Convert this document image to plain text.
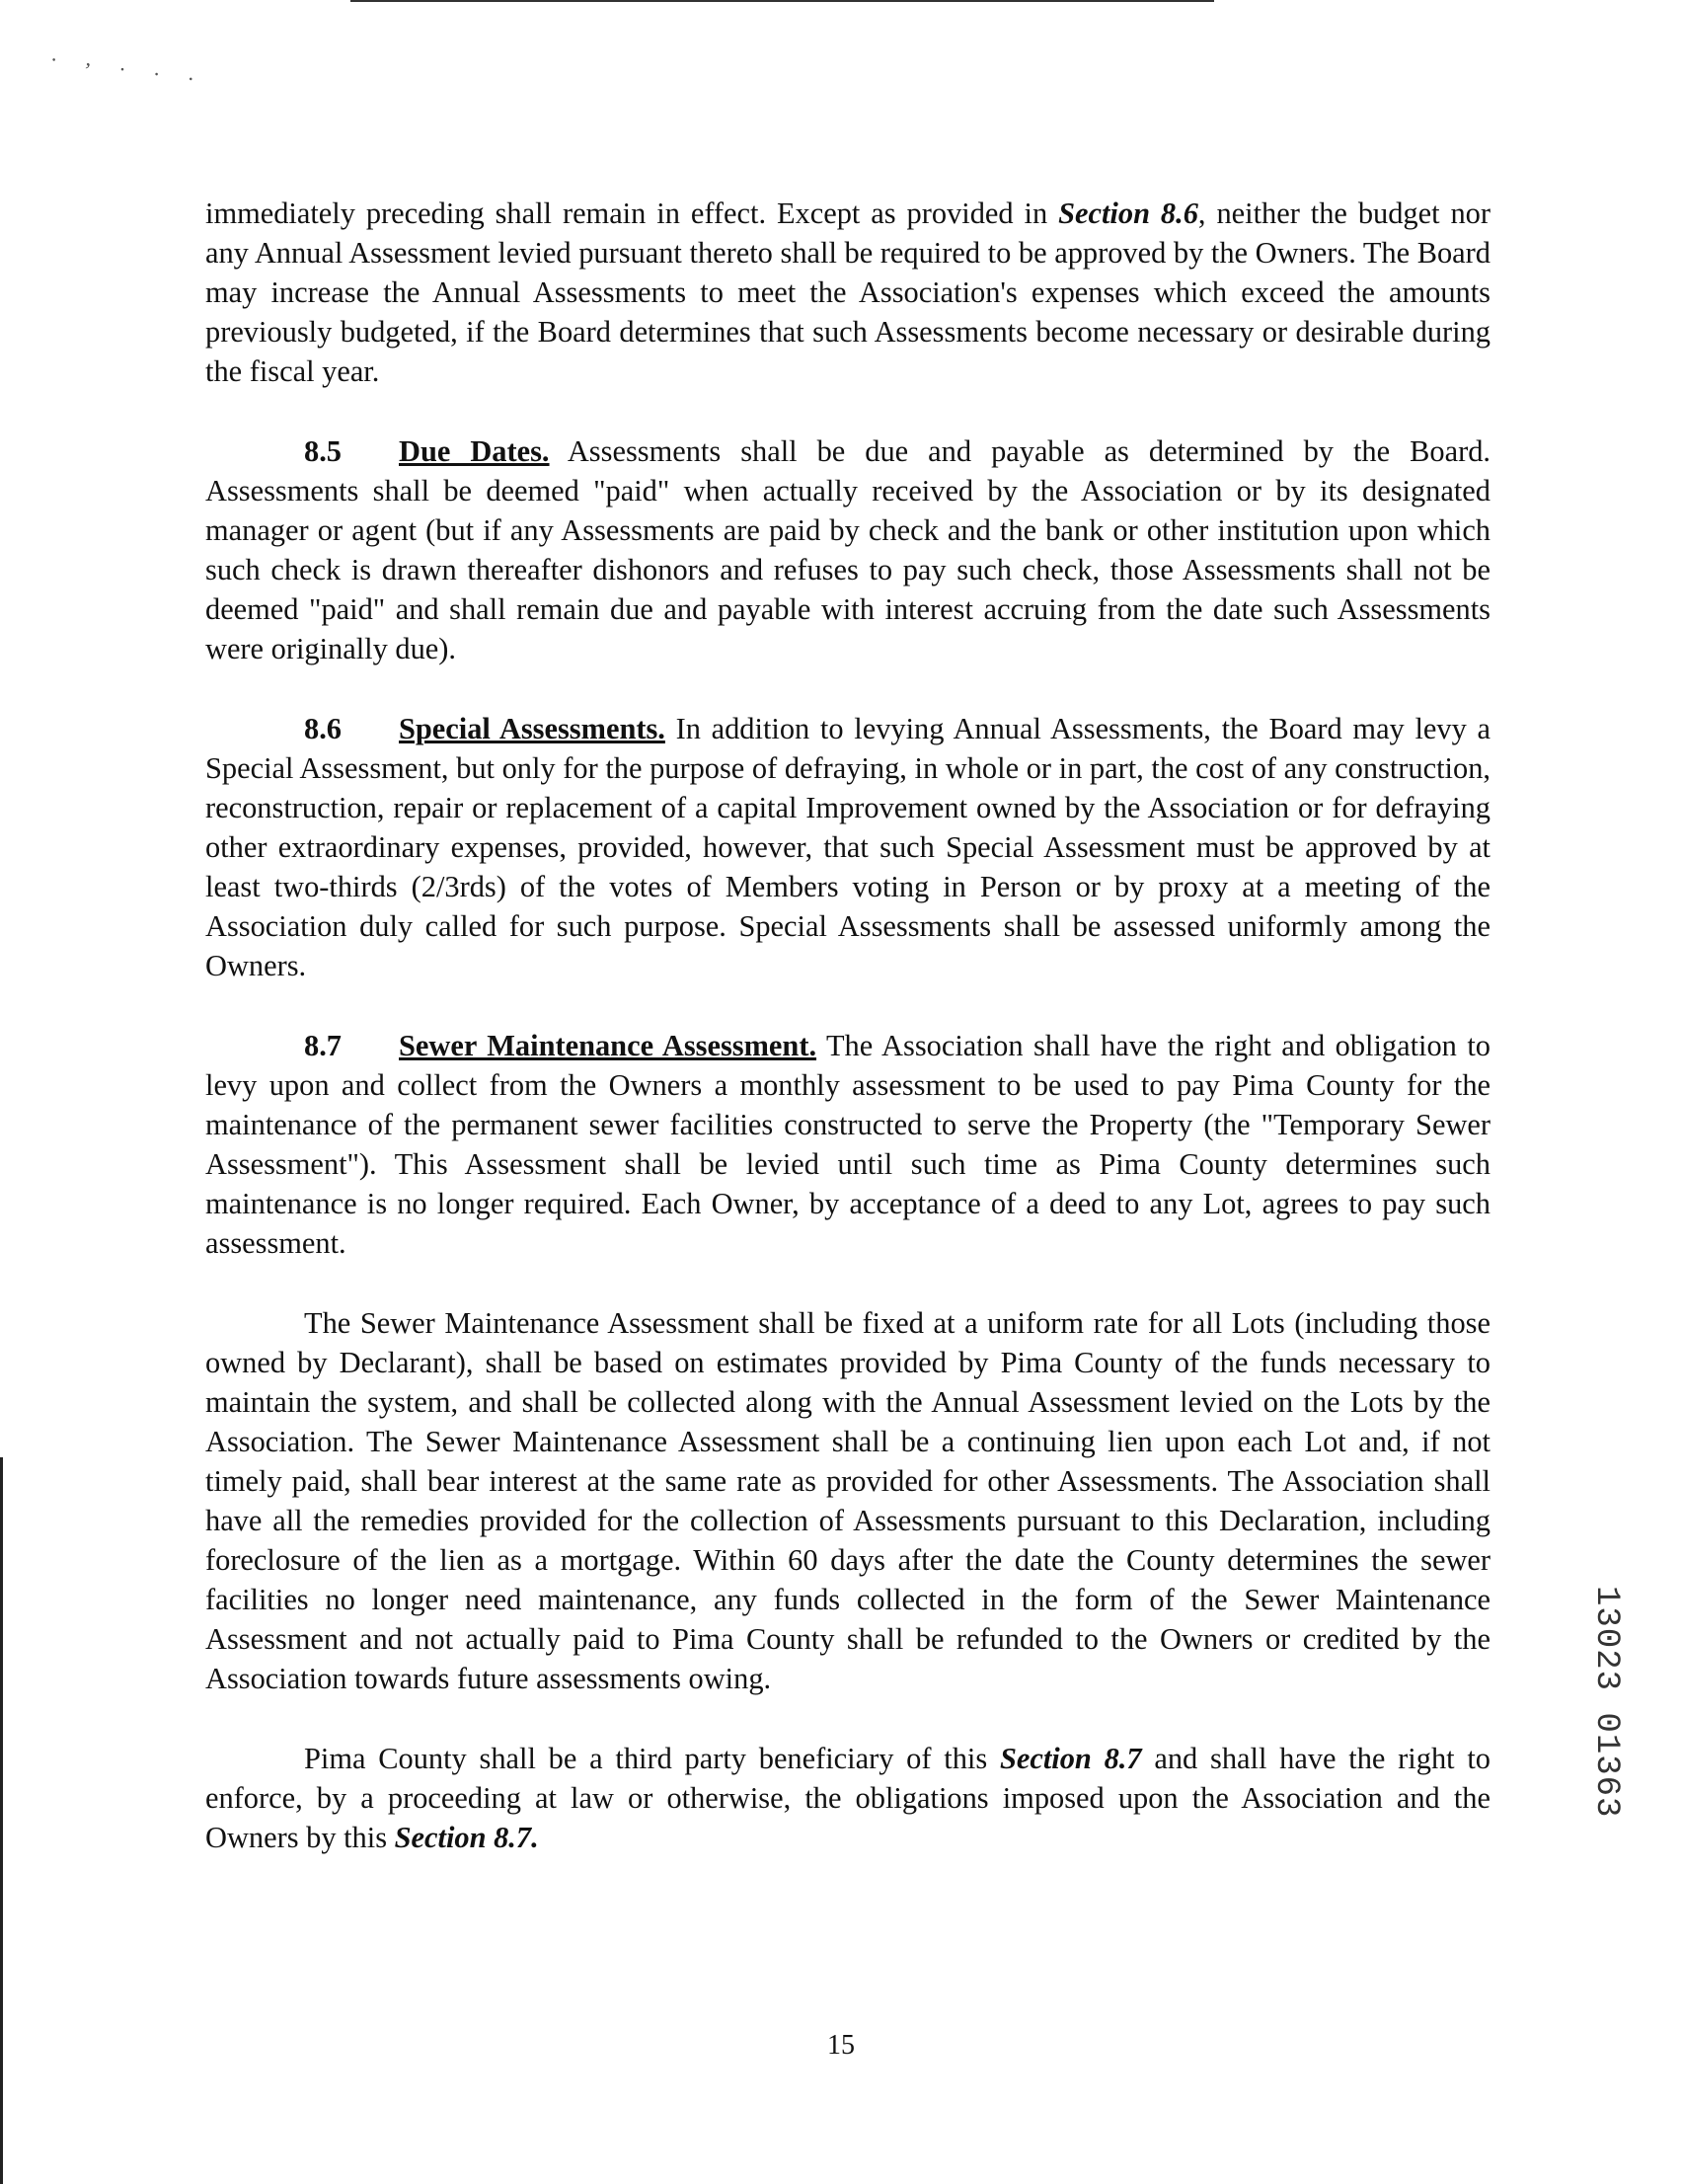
. , . . .

immediately preceding shall remain in effect. Except as provided in Section 8.6, neither the budget nor any Annual Assessment levied pursuant thereto shall be required to be approved by the Owners. The Board may increase the Annual Assessments to meet the Association's expenses which exceed the amounts previously budgeted, if the Board determines that such Assessments become necessary or desirable during the fiscal year.

8.5 Due Dates. Assessments shall be due and payable as determined by the Board. Assessments shall be deemed "paid" when actually received by the Association or by its designated manager or agent (but if any Assessments are paid by check and the bank or other institution upon which such check is drawn thereafter dishonors and refuses to pay such check, those Assessments shall not be deemed "paid" and shall remain due and payable with interest accruing from the date such Assessments were originally due).

8.6 Special Assessments. In addition to levying Annual Assessments, the Board may levy a Special Assessment, but only for the purpose of defraying, in whole or in part, the cost of any construction, reconstruction, repair or replacement of a capital Improvement owned by the Association or for defraying other extraordinary expenses, provided, however, that such Special Assessment must be approved by at least two-thirds (2/3rds) of the votes of Members voting in Person or by proxy at a meeting of the Association duly called for such purpose. Special Assessments shall be assessed uniformly among the Owners.

8.7 Sewer Maintenance Assessment. The Association shall have the right and obligation to levy upon and collect from the Owners a monthly assessment to be used to pay Pima County for the maintenance of the permanent sewer facilities constructed to serve the Property (the "Temporary Sewer Assessment"). This Assessment shall be levied until such time as Pima County determines such maintenance is no longer required. Each Owner, by acceptance of a deed to any Lot, agrees to pay such assessment.

The Sewer Maintenance Assessment shall be fixed at a uniform rate for all Lots (including those owned by Declarant), shall be based on estimates provided by Pima County of the funds necessary to maintain the system, and shall be collected along with the Annual Assessment levied on the Lots by the Association. The Sewer Maintenance Assessment shall be a continuing lien upon each Lot and, if not timely paid, shall bear interest at the same rate as provided for other Assessments. The Association shall have all the remedies provided for the collection of Assessments pursuant to this Declaration, including foreclosure of the lien as a mortgage. Within 60 days after the date the County determines the sewer facilities no longer need maintenance, any funds collected in the form of the Sewer Maintenance Assessment and not actually paid to Pima County shall be refunded to the Owners or credited by the Association towards future assessments owing.

Pima County shall be a third party beneficiary of this Section 8.7 and shall have the right to enforce, by a proceeding at law or otherwise, the obligations imposed upon the Association and the Owners by this Section 8.7.

13023 01363
15
